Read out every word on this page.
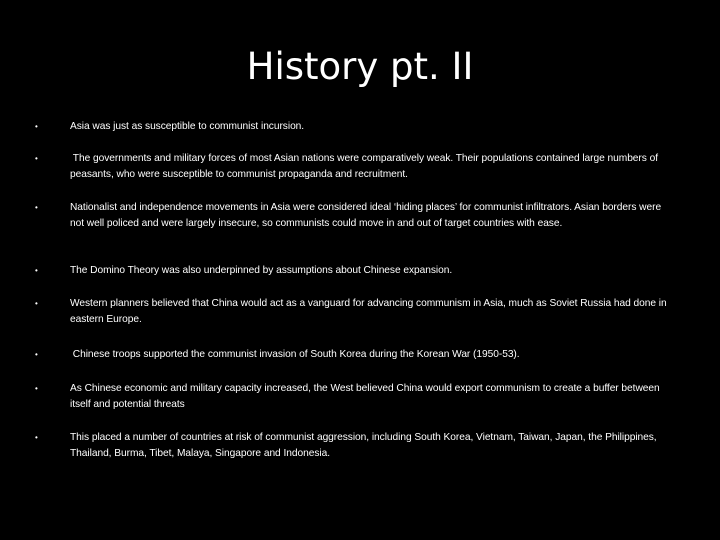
History pt. II
•	Asia was just as susceptible to communist incursion.
•	The governments and military forces of most Asian nations were comparatively weak. Their populations contained large numbers of peasants, who were susceptible to communist propaganda and recruitment.
•	Nationalist and independence movements in Asia were considered ideal ‘hiding places’ for communist infiltrators. Asian borders were not well policed and were largely insecure, so communists could move in and out of target countries with ease.
•	The Domino Theory was also underpinned by assumptions about Chinese expansion.
•	Western planners believed that China would act as a vanguard for advancing communism in Asia, much as Soviet Russia had done in eastern Europe.
•	Chinese troops supported the communist invasion of South Korea during the Korean War (1950-53).
•	As Chinese economic and military capacity increased, the West believed China would export communism to create a buffer between itself and potential threats
•	This placed a number of countries at risk of communist aggression, including South Korea, Vietnam, Taiwan, Japan, the Philippines, Thailand, Burma, Tibet, Malaya, Singapore and Indonesia.
